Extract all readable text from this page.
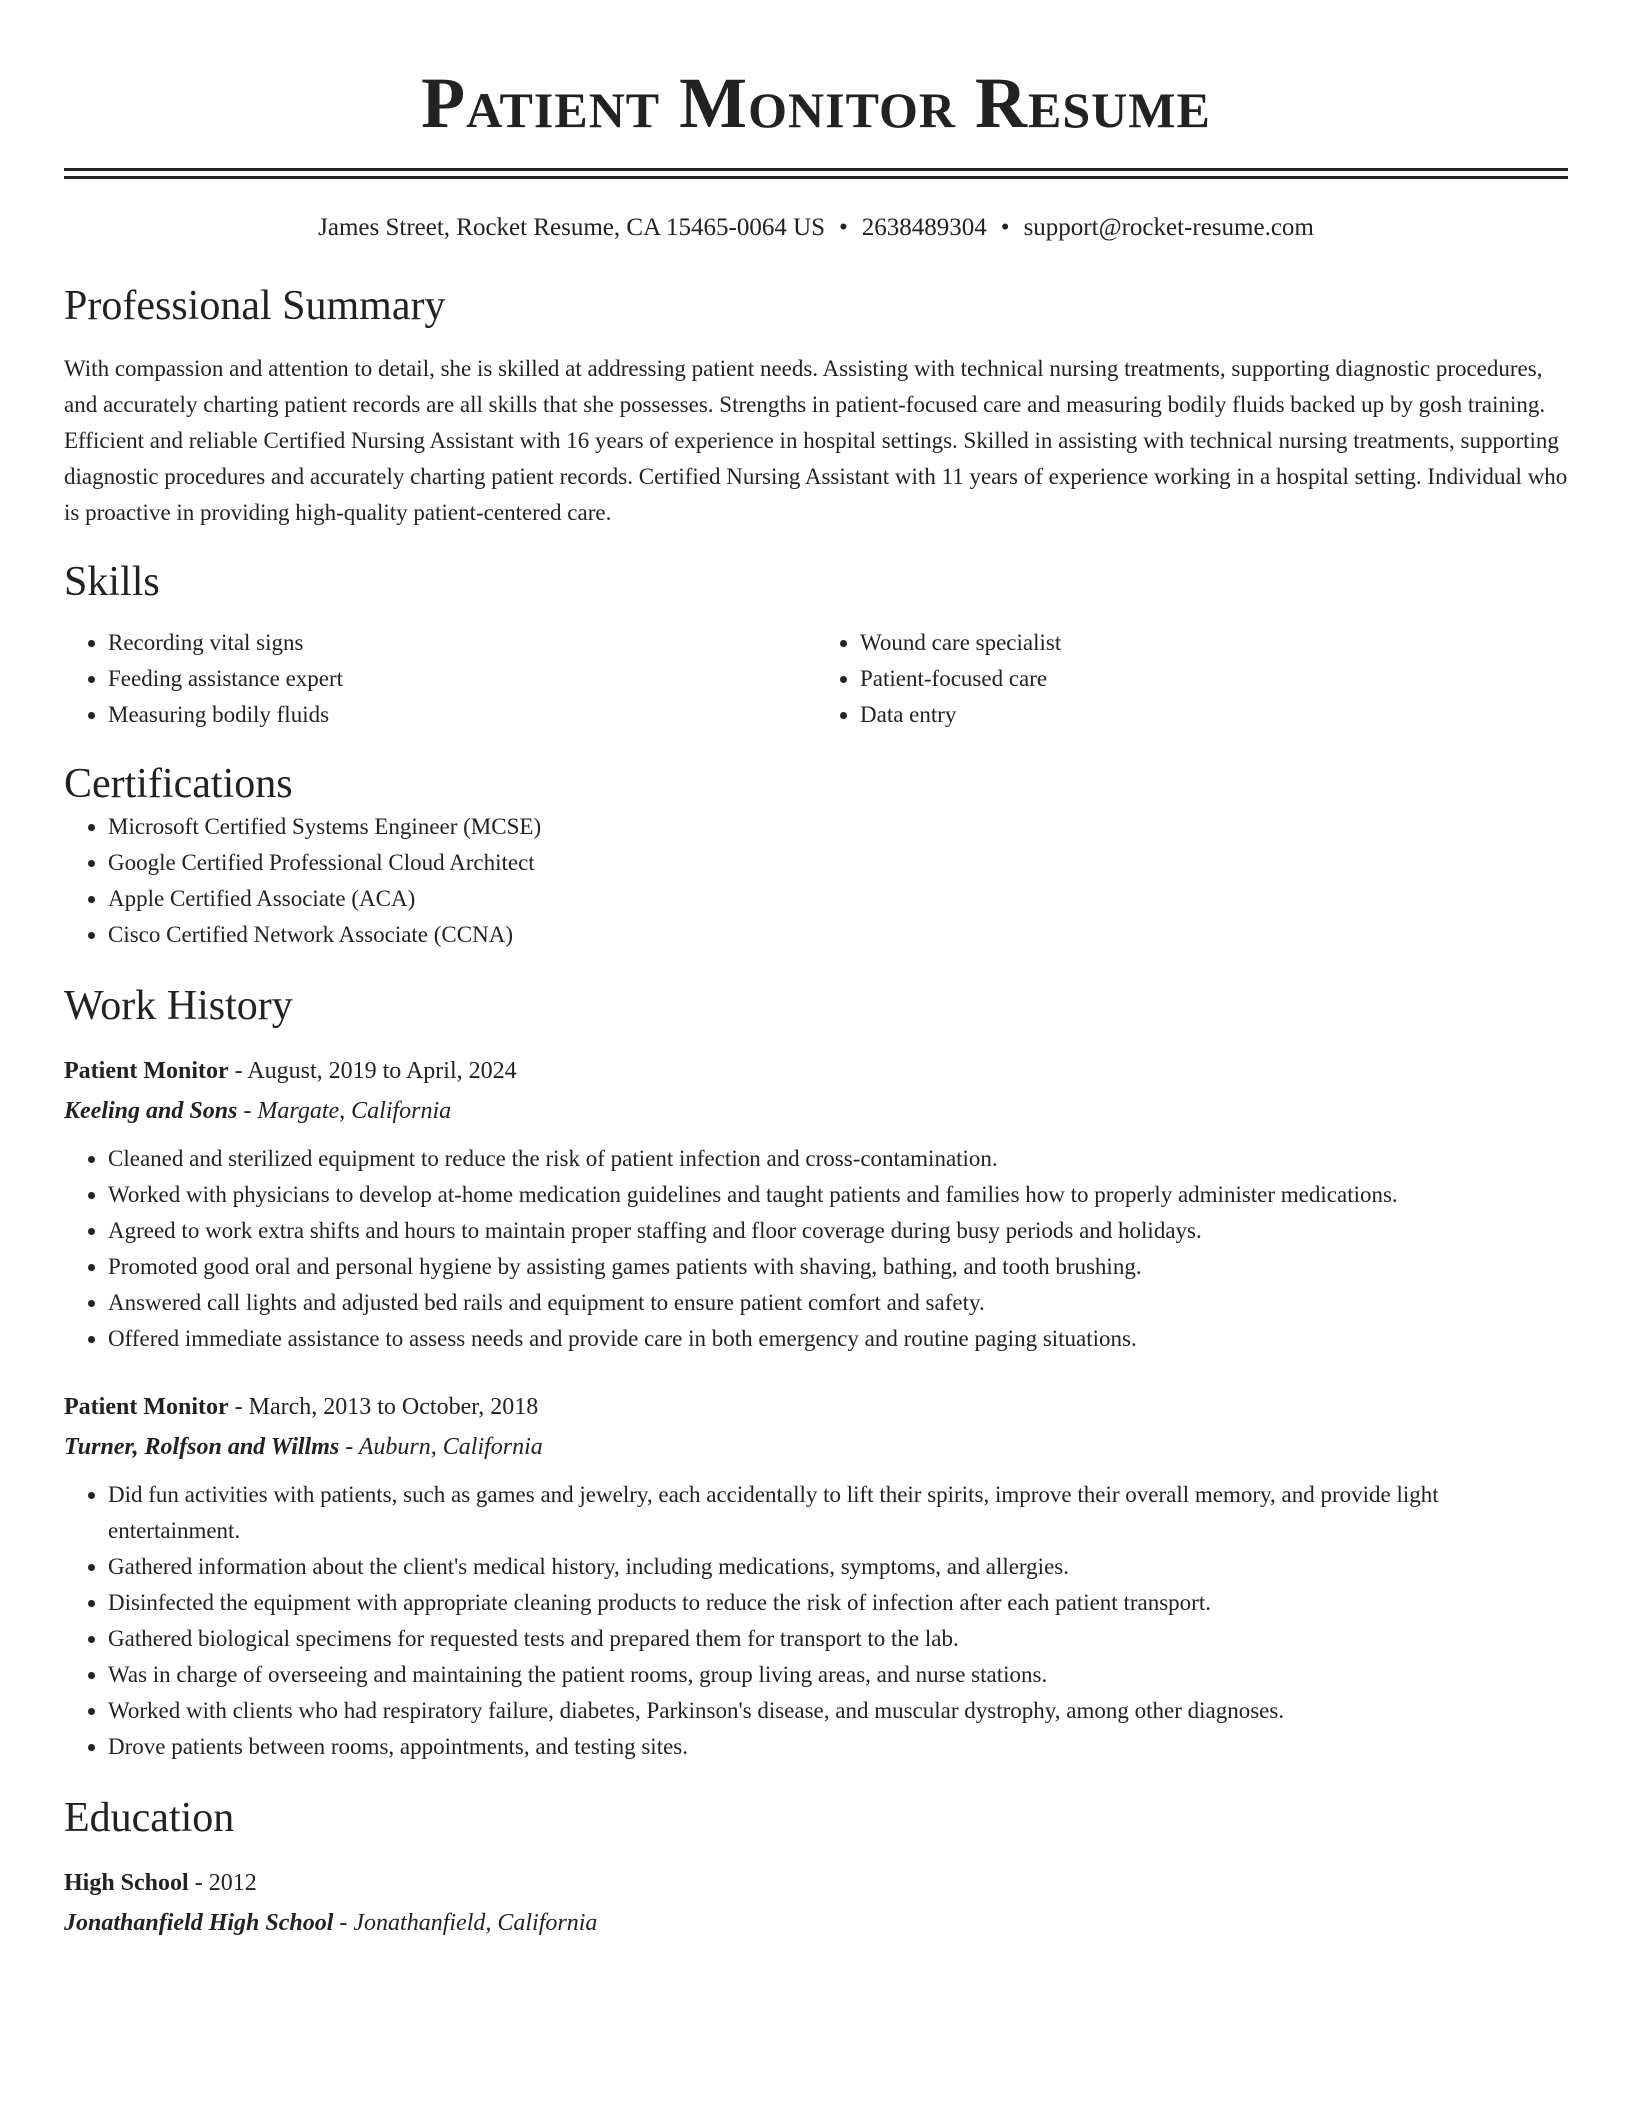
Patient Monitor Resume
James Street, Rocket Resume, CA 15465-0064 US • 2638489304 • support@rocket-resume.com
Professional Summary

With compassion and attention to detail, she is skilled at addressing patient needs. Assisting with technical nursing treatments, supporting diagnostic procedures, and accurately charting patient records are all skills that she possesses. Strengths in patient-focused care and measuring bodily fluids backed up by gosh training. Efficient and reliable Certified Nursing Assistant with 16 years of experience in hospital settings. Skilled in assisting with technical nursing treatments, supporting diagnostic procedures and accurately charting patient records. Certified Nursing Assistant with 11 years of experience working in a hospital setting. Individual who is proactive in providing high-quality patient-centered care.

Skills
• Recording vital signs
• Feeding assistance expert
• Measuring bodily fluids
• Wound care specialist
• Patient-focused care
• Data entry
Certifications
• Microsoft Certified Systems Engineer (MCSE)
• Google Certified Professional Cloud Architect
• Apple Certified Associate (ACA)
• Cisco Certified Network Associate (CCNA)
Work History
Patient Monitor - August, 2019 to April, 2024
Keeling and Sons - Margate, California
• Cleaned and sterilized equipment to reduce the risk of patient infection and cross-contamination.
• Worked with physicians to develop at-home medication guidelines and taught patients and families how to properly administer medications.
• Agreed to work extra shifts and hours to maintain proper staffing and floor coverage during busy periods and holidays.
• Promoted good oral and personal hygiene by assisting games patients with shaving, bathing, and tooth brushing.
• Answered call lights and adjusted bed rails and equipment to ensure patient comfort and safety.
• Offered immediate assistance to assess needs and provide care in both emergency and routine paging situations.
Patient Monitor - March, 2013 to October, 2018
Turner, Rolfson and Willms - Auburn, California
• Did fun activities with patients, such as games and jewelry, each accidentally to lift their spirits, improve their overall memory, and provide light entertainment.
• Gathered information about the client's medical history, including medications, symptoms, and allergies.
• Disinfected the equipment with appropriate cleaning products to reduce the risk of infection after each patient transport.
• Gathered biological specimens for requested tests and prepared them for transport to the lab.
• Was in charge of overseeing and maintaining the patient rooms, group living areas, and nurse stations.
• Worked with clients who had respiratory failure, diabetes, Parkinson's disease, and muscular dystrophy, among other diagnoses.
• Drove patients between rooms, appointments, and testing sites.
Education
High School - 2012
Jonathanfield High School - Jonathanfield, California
